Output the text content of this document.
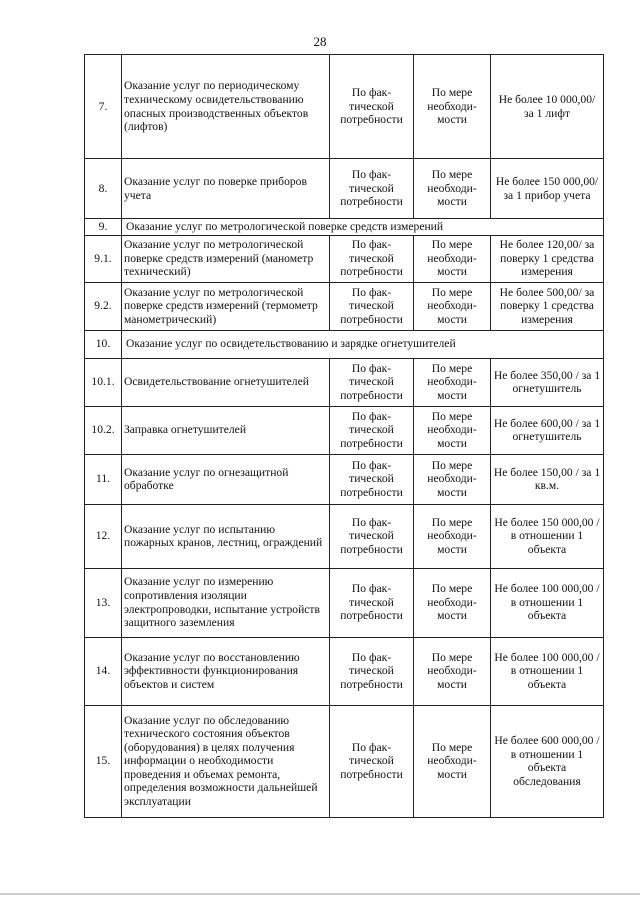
28
7.	Оказание услуг по периодическому техническому освидетельствованию опасных производственных объектов (лифтов)	По фак-тической потребности	По мере необходи-мости	Не более 10 000,00/ за 1 лифт
8.	Оказание услуг по поверке приборов учета	По фак-тической потребности	По мере необходи-мости	Не более 150 000,00/ за 1 прибор учета
9.	Оказание услуг по метрологической поверке средств измерений			
9.1.	Оказание услуг по метрологической поверке средств измерений (манометр технический)	По фак-тической потребности	По мере необходи-мости	Не более 120,00/ за поверку 1 средства измерения
9.2.	Оказание услуг по метрологической поверке средств измерений (термометр манометрический)	По фак-тической потребности	По мере необходи-мости	Не более 500,00/ за поверку 1 средства измерения
10.	Оказание услуг по освидетельствованию и зарядке огнетушителей			
10.1.	Освидетельствование огнетушителей	По фак-тической потребности	По мере необходи-мости	Не более 350,00 / за 1 огнетушитель
10.2.	Заправка огнетушителей	По фак-тической потребности	По мере необходи-мости	Не более 600,00 / за 1 огнетушитель
11.	Оказание услуг по огнезащитной обработке	По фак-тической потребности	По мере необходи-мости	Не более 150,00 / за 1 кв.м.
12.	Оказание услуг по испытанию пожарных кранов, лестниц, ограждений	По фак-тической потребности	По мере необходи-мости	Не более 150 000,00 / в отношении 1 объекта
13.	Оказание услуг по измерению сопротивления изоляции электропроводки, испытание устройств защитного заземления	По фак-тической потребности	По мере необходи-мости	Не более 100 000,00 / в отношении 1 объекта
14.	Оказание услуг по восстановлению эффективности функционирования объектов и систем	По фак-тической потребности	По мере необходи-мости	Не более 100 000,00 / в отношении 1 объекта
15.	Оказание услуг по обследованию технического состояния объектов (оборудования) в целях получения информации о необходимости проведения и объемах ремонта, определения возможности дальнейшей эксплуатации	По фак-тической потребности	По мере необходи-мости	Не более 600 000,00 / в отношении 1 объекта обследования
